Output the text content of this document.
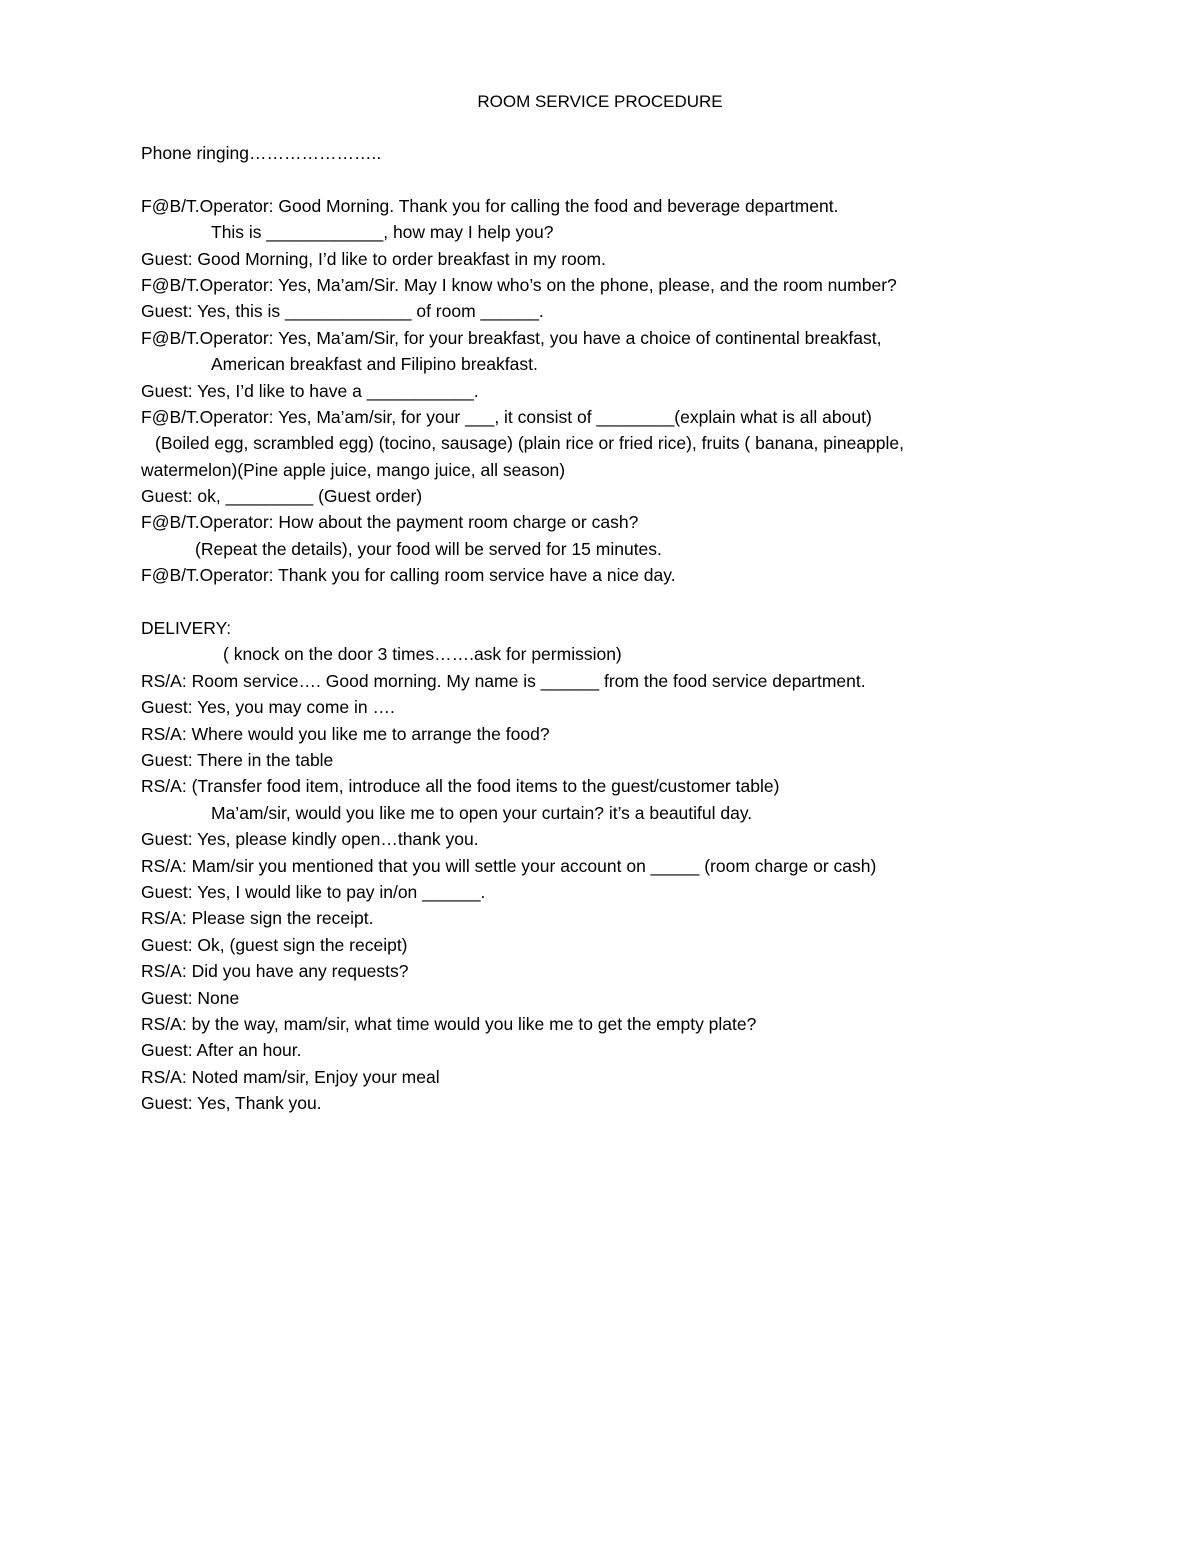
ROOM SERVICE PROCEDURE
Phone ringing…………………..
F@B/T.Operator: Good Morning. Thank you for calling the food and beverage department.
This is ____________, how may I help you?
Guest: Good Morning, I’d like to order breakfast in my room.
F@B/T.Operator: Yes, Ma’am/Sir. May I know who’s on the phone, please, and the room number?
Guest: Yes, this is _____________ of room ______.
F@B/T.Operator: Yes, Ma’am/Sir, for your breakfast, you have a choice of continental breakfast,
American breakfast and Filipino breakfast.
Guest: Yes, I’d like to have a ___________.
F@B/T.Operator: Yes, Ma’am/sir, for your ___, it consist of ________(explain what is all about)
(Boiled egg, scrambled egg) (tocino, sausage) (plain rice or fried rice), fruits ( banana, pineapple,
watermelon)(Pine apple juice, mango juice, all season)
Guest: ok, _________ (Guest order)
F@B/T.Operator: How about the payment room charge or cash?
(Repeat the details), your food will be served for 15 minutes.
F@B/T.Operator: Thank you for calling room service have a nice day.
DELIVERY:
( knock on the door 3 times…….ask for permission)
RS/A: Room service…. Good morning. My name is ______ from the food service department.
Guest: Yes, you may come in ….
RS/A: Where would you like me to arrange the food?
Guest: There in the table
RS/A: (Transfer food item, introduce all the food items to the guest/customer table)
Ma’am/sir, would you like me to open your curtain? it’s a beautiful day.
Guest: Yes, please kindly open…thank you.
RS/A: Mam/sir you mentioned that you will settle your account on _____ (room charge or cash)
Guest: Yes, I would like to pay in/on ______.
RS/A: Please sign the receipt.
Guest: Ok, (guest sign the receipt)
RS/A: Did you have any requests?
Guest: None
RS/A: by the way, mam/sir, what time would you like me to get the empty plate?
Guest: After an hour.
RS/A: Noted mam/sir, Enjoy your meal
Guest: Yes, Thank you.
